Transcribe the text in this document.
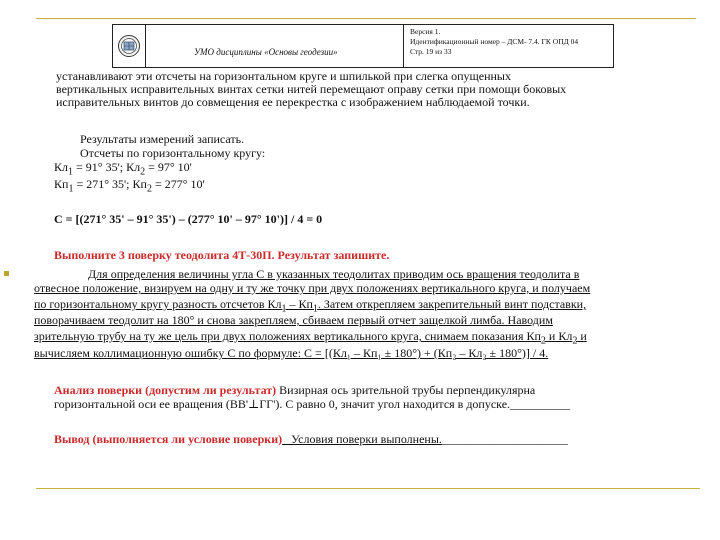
УМО дисциплины «Основы геодезии»
Версия 1.
Идентификационный номер – ДСМ- 7.4. ГК ОПД 04
Стр. 19 из 33

устанавливают эти отсчеты на горизонтальном круге и шпилькой при слегка опущенных

вертикальных исправительных винтах сетки нитей перемещают оправу сетки при помощи боковых

исправительных винтов до совмещения ее перекрестка с изображением наблюдаемой точки.

Результаты измерений записать.

Отсчеты по горизонтальному кругу:

$Кл_1 = 91^\circ$ 35'; $Кл_2 = 97^\circ$ 10'

$Кп_1 = 271^\circ$ 35'; $Кп_2 = 277^\circ$ 10'

С = [(271° 35' – 91° 35') – (277° 10' – 97° 10')] / 4 = 0

Выполните 3 поверку теодолита 4Т-30П. Результат запишите.

Для определения величины угла С в указанных теодолитах приводим ось вращения теодолита в

отвесное положение, визируем на одну и ту же точку при двух положениях вертикального круга, и получаем

по горизонтальному кругу разность отсчетов $Кл_1 - Кп_1$. Затем открепляем закрепительный винт подставки,

поворачиваем теодолит на 180° и снова закрепляем, сбиваем первый отчет защелкой лимба. Наводим

зрительную трубу на ту же цель при двух положениях вертикального круга, снимаем показания $Кп_2$ и $Кл_2$ и

вычисляем коллимационную ошибку С по формуле: С = [(Кл₁ – Кп₁ ± 180°) + (Кп₂ – Кл₂ ± 180°)] / 4.

Анализ поверки (допустим ли результат) Визирная ось зрительной трубы перпендикулярна

горизонтальной оси ее вращения (ВВ'⊥ГГ'). С равно 0, значит угол находится в допуске.__________

Вывод (выполняется ли условие поверки) _Условия поверки выполнены._____________________
